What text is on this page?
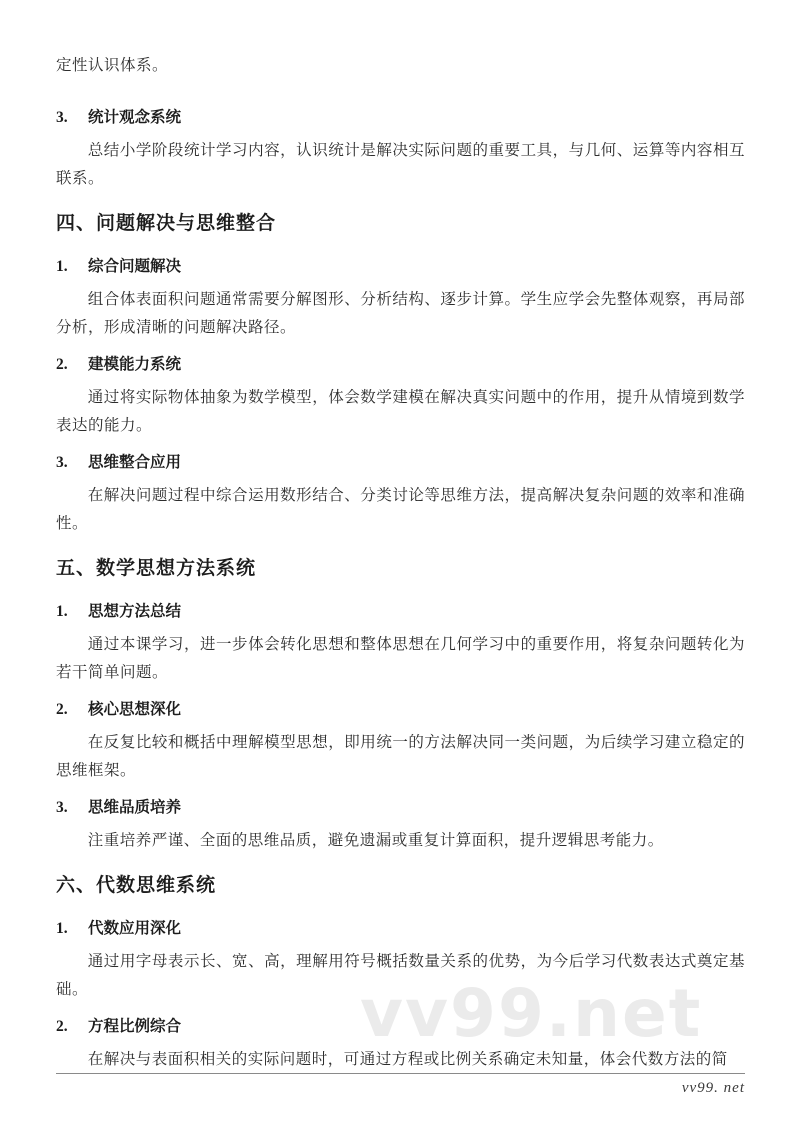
vv99.net

定性认识体系。

3. 统计观念系统

总结小学阶段统计学习内容，认识统计是解决实际问题的重要工具，与几何、运算等内容相互联系。

四、问题解决与思维整合
1. 综合问题解决

组合体表面积问题通常需要分解图形、分析结构、逐步计算。学生应学会先整体观察，再局部分析，形成清晰的问题解决路径。

2. 建模能力系统

通过将实际物体抽象为数学模型，体会数学建模在解决真实问题中的作用，提升从情境到数学表达的能力。

3. 思维整合应用

在解决问题过程中综合运用数形结合、分类讨论等思维方法，提高解决复杂问题的效率和准确性。

五、数学思想方法系统
1. 思想方法总结

通过本课学习，进一步体会转化思想和整体思想在几何学习中的重要作用，将复杂问题转化为若干简单问题。

2. 核心思想深化

在反复比较和概括中理解模型思想，即用统一的方法解决同一类问题，为后续学习建立稳定的思维框架。

3. 思维品质培养

注重培养严谨、全面的思维品质，避免遗漏或重复计算面积，提升逻辑思考能力。

六、代数思维系统
1. 代数应用深化

通过用字母表示长、宽、高，理解用符号概括数量关系的优势，为今后学习代数表达式奠定基础。

2. 方程比例综合

在解决与表面积相关的实际问题时，可通过方程或比例关系确定未知量，体会代数方法的简

vv99. net
